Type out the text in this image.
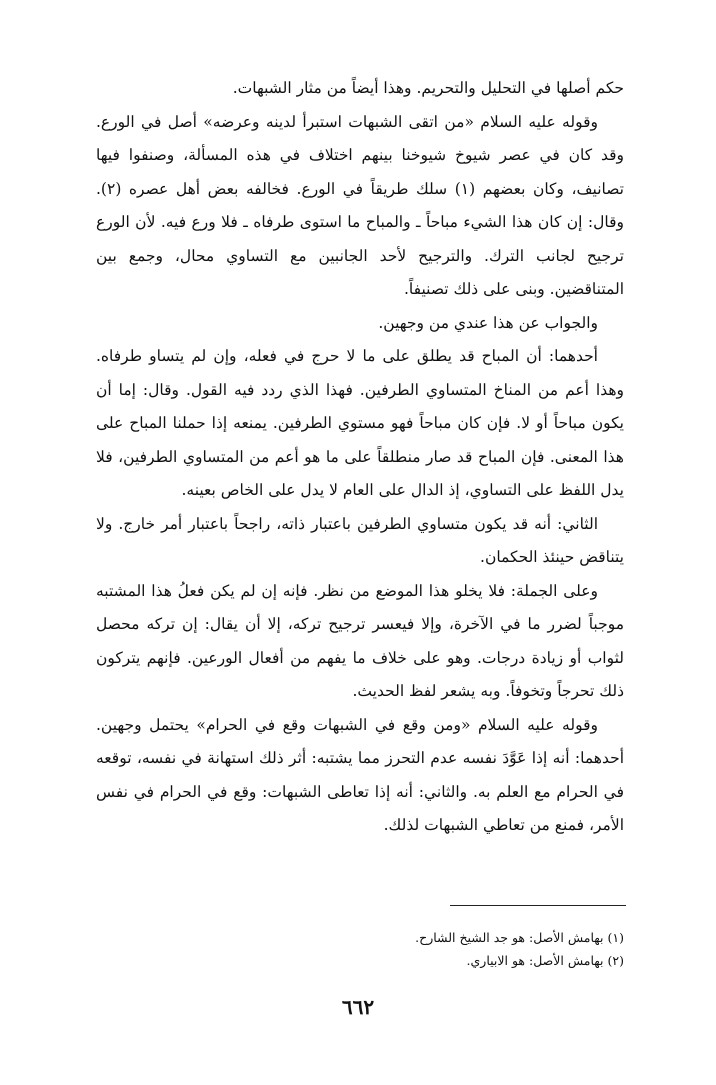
حكم أصلها في التحليل والتحريم. وهذا أيضاً من مثار الشبهات.

وقوله عليه السلام «من اتقى الشبهات استبرأ لدينه وعرضه» أصل في الورع. وقد كان في عصر شيوخ شيوخنا بينهم اختلاف في هذه المسألة، وصنفوا فيها تصانيف، وكان بعضهم (١) سلك طريقاً في الورع. فخالفه بعض أهل عصره (٢). وقال: إن كان هذا الشيء مباحاً ـ والمباح ما استوى طرفاه ـ فلا ورع فيه. لأن الورع ترجيح لجانب الترك. والترجيح لأحد الجانبين مع التساوي محال، وجمع بين المتناقضين. وبنى على ذلك تصنيفاً.

والجواب عن هذا عندي من وجهين.

أحدهما: أن المباح قد يطلق على ما لا حرج في فعله، وإن لم يتساو طرفاه. وهذا أعم من المناخ المتساوي الطرفين. فهذا الذي ردد فيه القول. وقال: إما أن يكون مباحاً أو لا. فإن كان مباحاً فهو مستوي الطرفين. يمنعه إذا حملنا المباح على هذا المعنى. فإن المباح قد صار منطلقاً على ما هو أعم من المتساوي الطرفين، فلا يدل اللفظ على التساوي، إذ الدال على العام لا يدل على الخاص بعينه.

الثاني: أنه قد يكون متساوي الطرفين باعتبار ذاته، راجحاً باعتبار أمر خارج. ولا يتناقض حينئذ الحكمان.

وعلى الجملة: فلا يخلو هذا الموضع من نظر. فإنه إن لم يكن فعلُ هذا المشتبه موجباً لضرر ما في الآخرة، وإلا فيعسر ترجيح تركه، إلا أن يقال: إن تركه محصل لثواب أو زيادة درجات. وهو على خلاف ما يفهم من أفعال الورعين. فإنهم يتركون ذلك تحرجاً وتخوفاً. وبه يشعر لفظ الحديث.

وقوله عليه السلام «ومن وقع في الشبهات وقع في الحرام» يحتمل وجهين. أحدهما: أنه إذا عَوَّدَ نفسه عدم التحرز مما يشتبه: أثر ذلك استهانة في نفسه، توقعه في الحرام مع العلم به. والثاني: أنه إذا تعاطى الشبهات: وقع في الحرام في نفس الأمر، فمنع من تعاطي الشبهات لذلك.

(١) بهامش الأصل: هو جد الشيخ الشارح.

(٢) بهامش الأصل: هو الابياري.

٦٦٢
